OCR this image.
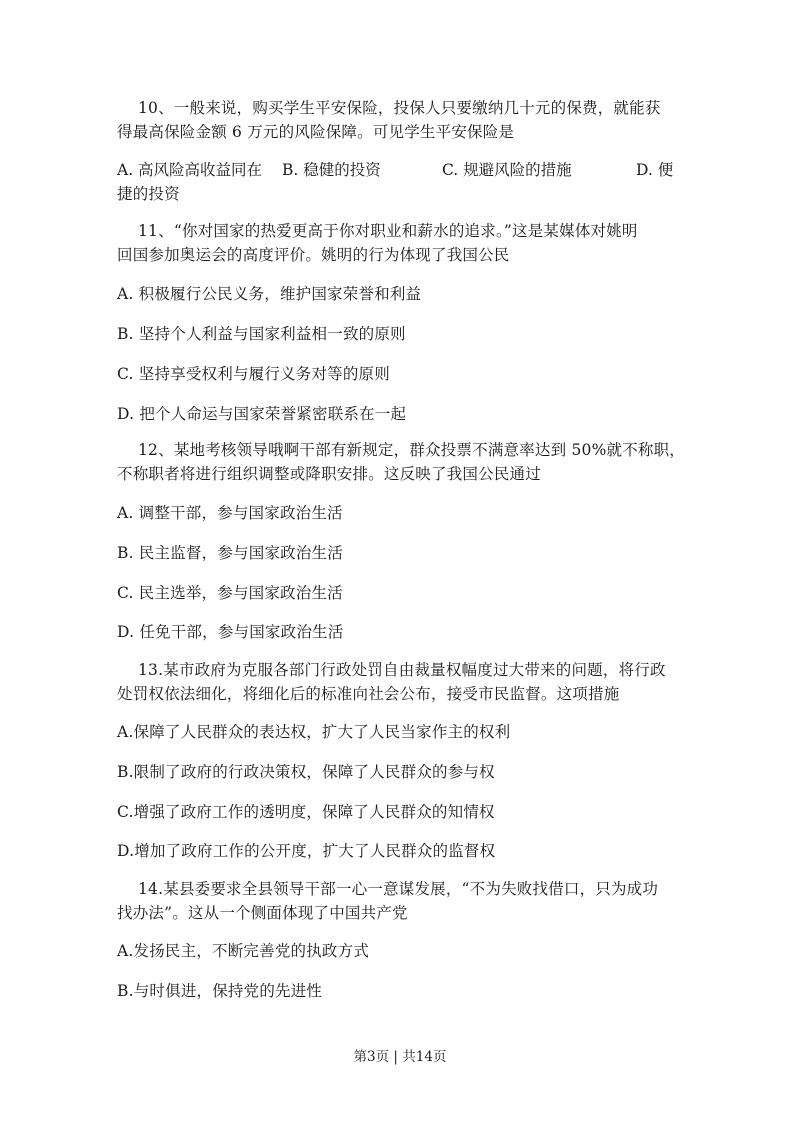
10、一般来说，购买学生平安保险，投保人只要缴纳几十元的保费，就能获
得最高保险金额 6 万元的风险保障。可见学生平安保险是
A. 高风险高收益同在 B. 稳健的投资	C. 规避风险的措施	D. 便
捷的投资
11、“你对国家的热爱更高于你对职业和薪水的追求。”这是某媒体对姚明
回国参加奥运会的高度评价。姚明的行为体现了我国公民
A. 积极履行公民义务，维护国家荣誉和利益
B. 坚持个人利益与国家利益相一致的原则
C. 坚持享受权利与履行义务对等的原则
D. 把个人命运与国家荣誉紧密联系在一起
12、某地考核领导哦啊干部有新规定，群众投票不满意率达到 50%就不称职，
不称职者将进行组织调整或降职安排。这反映了我国公民通过
A. 调整干部，参与国家政治生活
B. 民主监督，参与国家政治生活
C. 民主选举，参与国家政治生活
D. 任免干部，参与国家政治生活
13.某市政府为克服各部门行政处罚自由裁量权幅度过大带来的问题，将行政
处罚权依法细化，将细化后的标准向社会公布，接受市民监督。这项措施
A.保障了人民群众的表达权，扩大了人民当家作主的权利
B.限制了政府的行政决策权，保障了人民群众的参与权
C.增强了政府工作的透明度，保障了人民群众的知情权
D.增加了政府工作的公开度，扩大了人民群众的监督权
14.某县委要求全县领导干部一心一意谋发展，“不为失败找借口，只为成功
找办法”。这从一个侧面体现了中国共产党
A.发扬民主，不断完善党的执政方式
B.与时俱进，保持党的先进性
第3页 | 共14页
